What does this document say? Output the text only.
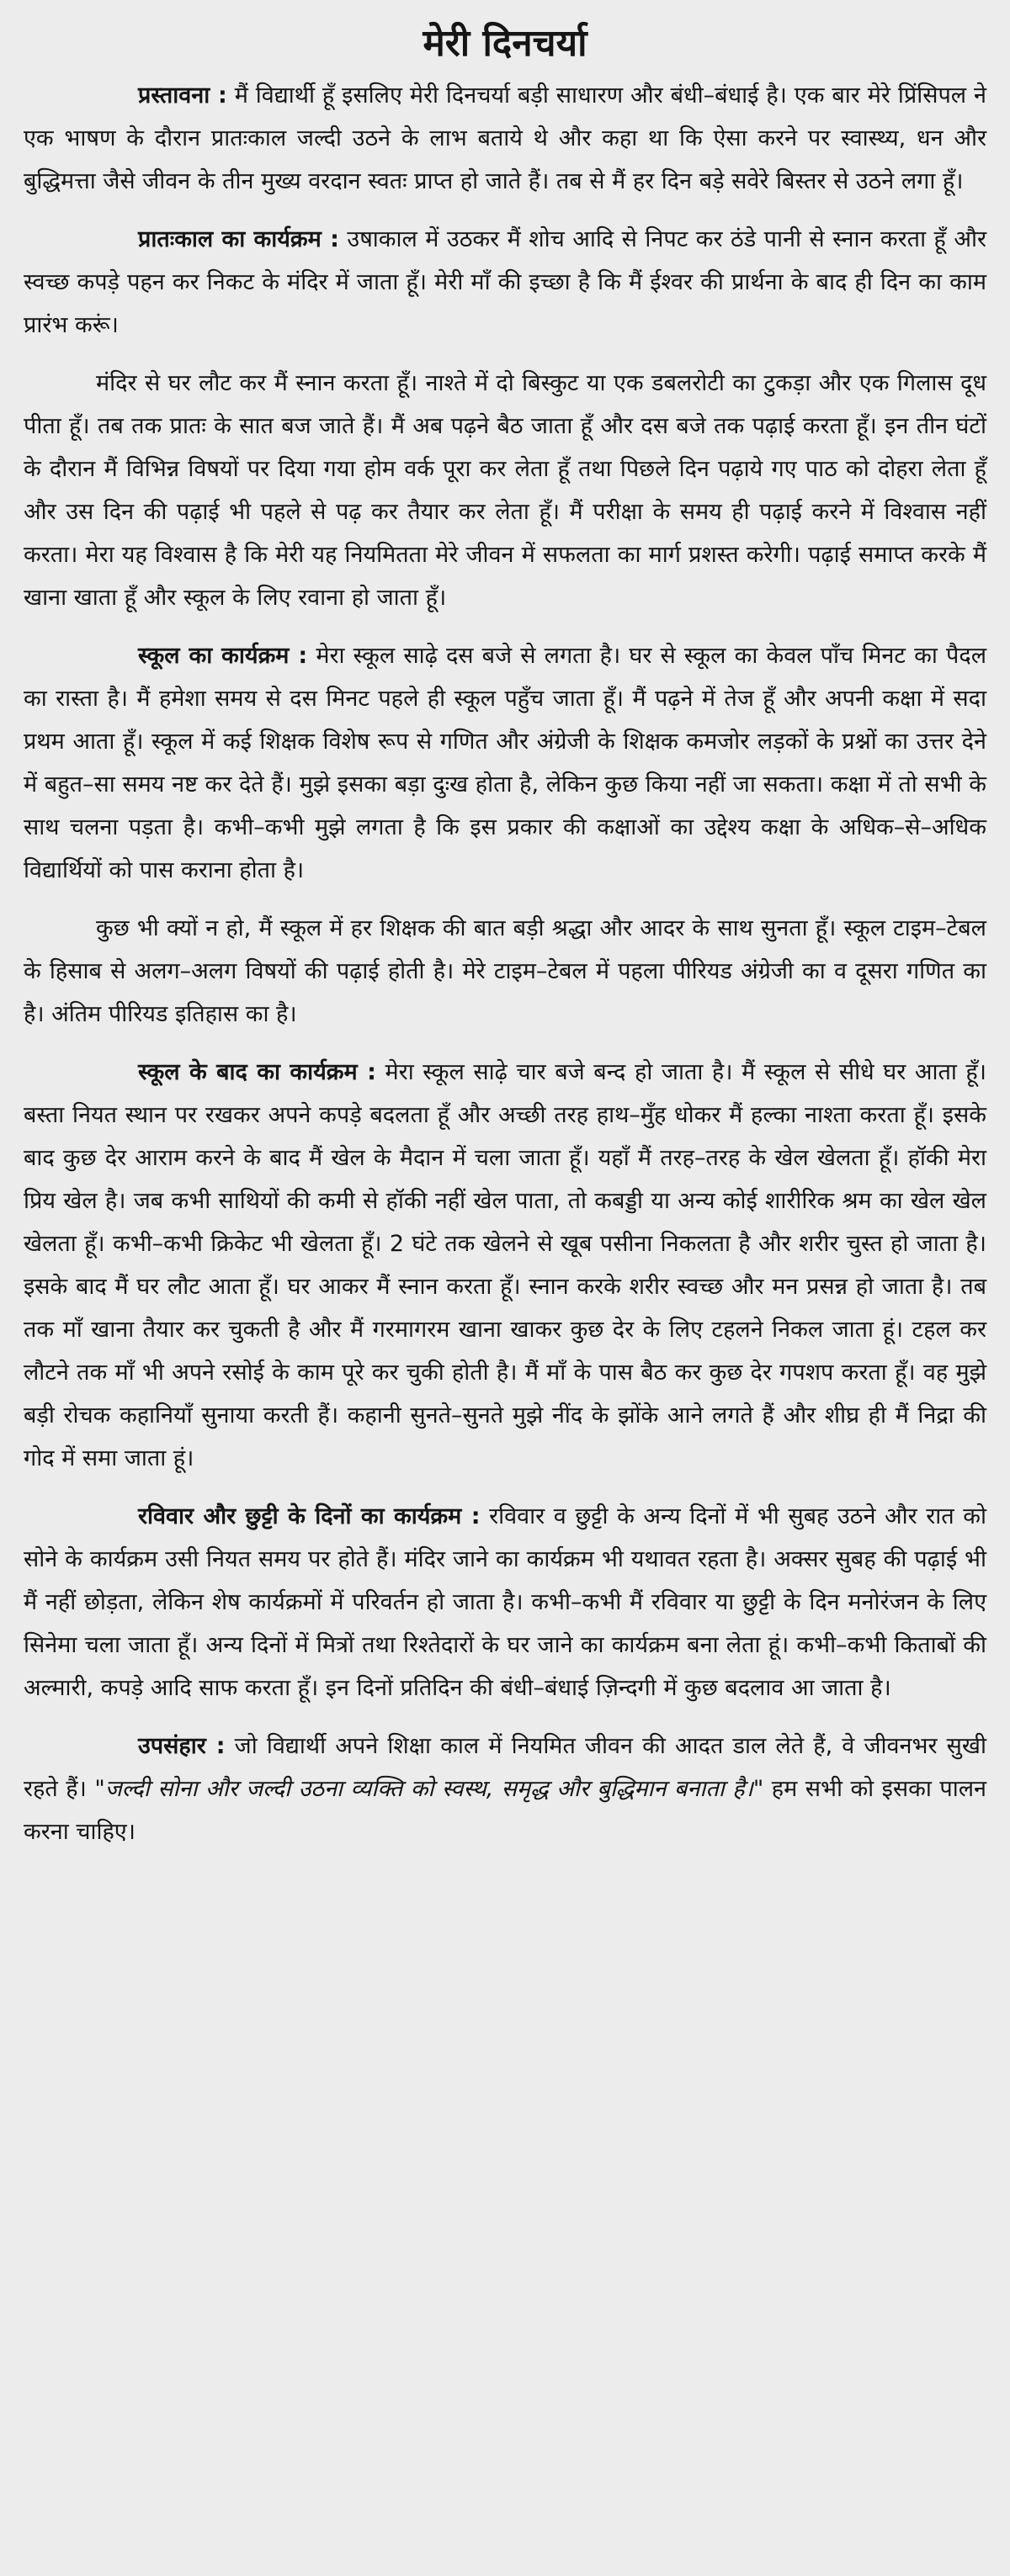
मेरी दिनचर्या

प्रस्तावना : मैं विद्यार्थी हूँ इसलिए मेरी दिनचर्या बड़ी साधारण और बंधी–बंधाई है। एक बार मेरे प्रिंसिपल ने एक भाषण के दौरान प्रातःकाल जल्दी उठने के लाभ बताये थे और कहा था कि ऐसा करने पर स्वास्थ्य, धन और बुद्धिमत्ता जैसे जीवन के तीन मुख्य वरदान स्वतः प्राप्त हो जाते हैं। तब से मैं हर दिन बड़े सवेरे बिस्तर से उठने लगा हूँ।

प्रातःकाल का कार्यक्रम : उषाकाल में उठकर मैं शोच आदि से निपट कर ठंडे पानी से स्नान करता हूँ और स्वच्छ कपड़े पहन कर निकट के मंदिर में जाता हूँ। मेरी माँ की इच्छा है कि मैं ईश्वर की प्रार्थना के बाद ही दिन का काम प्रारंभ करूं।

मंदिर से घर लौट कर मैं स्नान करता हूँ। नाश्ते में दो बिस्कुट या एक डबलरोटी का टुकड़ा और एक गिलास दूध पीता हूँ। तब तक प्रातः के सात बज जाते हैं। मैं अब पढ़ने बैठ जाता हूँ और दस बजे तक पढ़ाई करता हूँ। इन तीन घंटों के दौरान मैं विभिन्न विषयों पर दिया गया होम वर्क पूरा कर लेता हूँ तथा पिछले दिन पढ़ाये गए पाठ को दोहरा लेता हूँ और उस दिन की पढ़ाई भी पहले से पढ़ कर तैयार कर लेता हूँ। मैं परीक्षा के समय ही पढ़ाई करने में विश्वास नहीं करता। मेरा यह विश्वास है कि मेरी यह नियमितता मेरे जीवन में सफलता का मार्ग प्रशस्त करेगी। पढ़ाई समाप्त करके मैं खाना खाता हूँ और स्कूल के लिए रवाना हो जाता हूँ।

स्कूल का कार्यक्रम : मेरा स्कूल साढ़े दस बजे से लगता है। घर से स्कूल का केवल पाँच मिनट का पैदल का रास्ता है। मैं हमेशा समय से दस मिनट पहले ही स्कूल पहुँच जाता हूँ। मैं पढ़ने में तेज हूँ और अपनी कक्षा में सदा प्रथम आता हूँ। स्कूल में कई शिक्षक विशेष रूप से गणित और अंग्रेजी के शिक्षक कमजोर लड़कों के प्रश्नों का उत्तर देने में बहुत–सा समय नष्ट कर देते हैं। मुझे इसका बड़ा दुःख होता है, लेकिन कुछ किया नहीं जा सकता। कक्षा में तो सभी के साथ चलना पड़ता है। कभी–कभी मुझे लगता है कि इस प्रकार की कक्षाओं का उद्देश्य कक्षा के अधिक–से–अधिक विद्यार्थियों को पास कराना होता है।

कुछ भी क्यों न हो, मैं स्कूल में हर शिक्षक की बात बड़ी श्रद्धा और आदर के साथ सुनता हूँ। स्कूल टाइम–टेबल के हिसाब से अलग–अलग विषयों की पढ़ाई होती है। मेरे टाइम–टेबल में पहला पीरियड अंग्रेजी का व दूसरा गणित का है। अंतिम पीरियड इतिहास का है।

स्कूल के बाद का कार्यक्रम : मेरा स्कूल साढ़े चार बजे बन्द हो जाता है। मैं स्कूल से सीधे घर आता हूँ। बस्ता नियत स्थान पर रखकर अपने कपड़े बदलता हूँ और अच्छी तरह हाथ–मुँह धोकर मैं हल्का नाश्ता करता हूँ। इसके बाद कुछ देर आराम करने के बाद मैं खेल के मैदान में चला जाता हूँ। यहाँ मैं तरह–तरह के खेल खेलता हूँ। हॉकी मेरा प्रिय खेल है। जब कभी साथियों की कमी से हॉकी नहीं खेल पाता, तो कबड्डी या अन्य कोई शारीरिक श्रम का खेल खेल खेलता हूँ। कभी–कभी क्रिकेट भी खेलता हूँ। 2 घंटे तक खेलने से खूब पसीना निकलता है और शरीर चुस्त हो जाता है। इसके बाद मैं घर लौट आता हूँ। घर आकर मैं स्नान करता हूँ। स्नान करके शरीर स्वच्छ और मन प्रसन्न हो जाता है। तब तक माँ खाना तैयार कर चुकती है और मैं गरमागरम खाना खाकर कुछ देर के लिए टहलने निकल जाता हूं। टहल कर लौटने तक माँ भी अपने रसोई के काम पूरे कर चुकी होती है। मैं माँ के पास बैठ कर कुछ देर गपशप करता हूँ। वह मुझे बड़ी रोचक कहानियाँ सुनाया करती हैं। कहानी सुनते–सुनते मुझे नींद के झोंके आने लगते हैं और शीघ्र ही मैं निद्रा की गोद में समा जाता हूं।

रविवार और छुट्टी के दिनों का कार्यक्रम : रविवार व छुट्टी के अन्य दिनों में भी सुबह उठने और रात को सोने के कार्यक्रम उसी नियत समय पर होते हैं। मंदिर जाने का कार्यक्रम भी यथावत रहता है। अक्सर सुबह की पढ़ाई भी मैं नहीं छोड़ता, लेकिन शेष कार्यक्रमों में परिवर्तन हो जाता है। कभी–कभी मैं रविवार या छुट्टी के दिन मनोरंजन के लिए सिनेमा चला जाता हूँ। अन्य दिनों में मित्रों तथा रिश्तेदारों के घर जाने का कार्यक्रम बना लेता हूं। कभी–कभी किताबों की अल्मारी, कपड़े आदि साफ करता हूँ। इन दिनों प्रतिदिन की बंधी–बंधाई ज़िन्दगी में कुछ बदलाव आ जाता है।

उपसंहार : जो विद्यार्थी अपने शिक्षा काल में नियमित जीवन की आदत डाल लेते हैं, वे जीवनभर सुखी रहते हैं। "जल्दी सोना और जल्दी उठना व्यक्ति को स्वस्थ, समृद्ध और बुद्धिमान बनाता है।" हम सभी को इसका पालन करना चाहिए।
